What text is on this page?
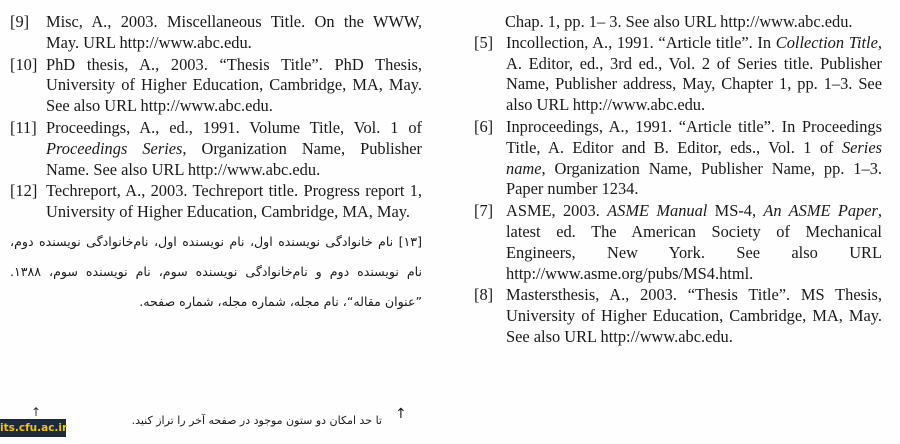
[9] Misc, A., 2003. Miscellaneous Title. On the WWW, May. URL http://www.abc.edu.
[10] PhD thesis, A., 2003. “Thesis Title”. PhD Thesis, University of Higher Education, Cambridge, MA, May. See also URL http://www.abc.edu.
[11] Proceedings, A., ed., 1991. Volume Title, Vol. 1 of Proceedings Series, Organization Name, Publisher Name. See also URL http://www.abc.edu.
[12] Techreport, A., 2003. Techreport title. Progress report 1, University of Higher Education, Cambridge, MA, May.
[۱۳] نام خانوادگی نویسنده اول، نام نویسنده اول، نام‌خانوادگی نویسنده دوم، نام نویسنده دوم و نام‌خانوادگی نویسنده سوم، نام نویسنده سوم، ۱۳۸۸. ”عنوان مقاله“، نام مجله، شماره مجله، شماره صفحه.
Chap. 1, pp. 1– 3. See also URL http://www.abc.edu.
[5] Incollection, A., 1991. “Article title”. In Collection Title, A. Editor, ed., 3rd ed., Vol. 2 of Series title. Publisher Name, Publisher address, May, Chapter 1, pp. 1–3. See also URL http://www.abc.edu.
[6] Inproceedings, A., 1991. “Article title”. In Proceedings Title, A. Editor and B. Editor, eds., Vol. 1 of Series name, Organization Name, Publisher Name, pp. 1–3. Paper number 1234.
[7] ASME, 2003. ASME Manual MS-4, An ASME Paper, latest ed. The American Society of Mechanical Engineers, New York. See also URL http://www.asme.org/pubs/MS4.html.
[8] Mastersthesis, A., 2003. “Thesis Title”. MS Thesis, University of Higher Education, Cambridge, MA, May. See also URL http://www.abc.edu.
its.cfu.ac.ir
↑
تا حد امکان دو ستون موجود در صفحه آخر را تراز کنید. ↑
